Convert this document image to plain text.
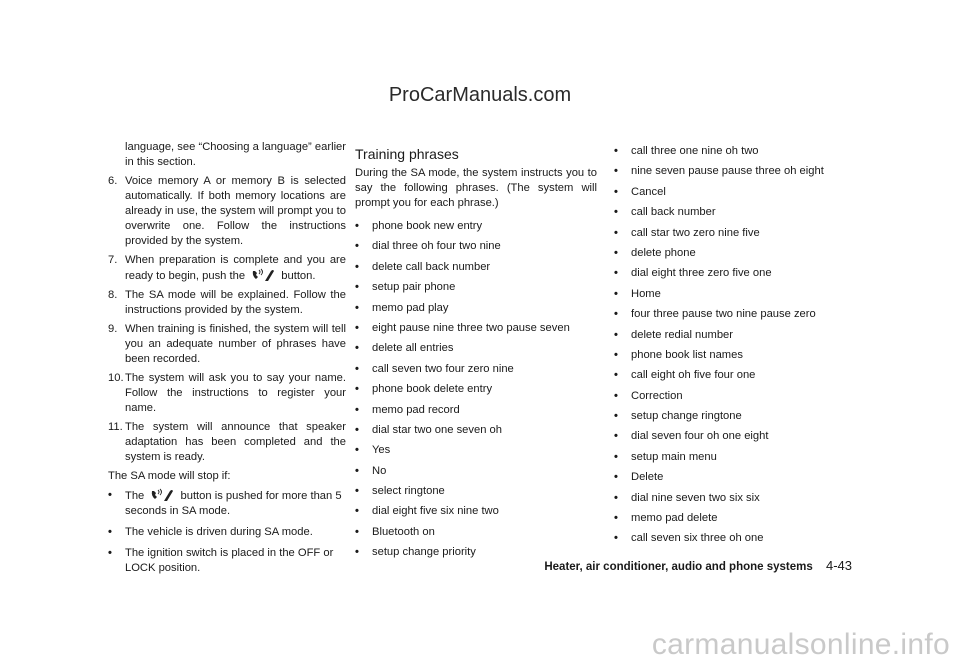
ProCarManuals.com

language, see “Choosing a language” earlier in this section.

6. Voice memory A or memory B is selected automatically. If both memory locations are already in use, the system will prompt you to overwrite one. Follow the instructions provided by the system.
7. When preparation is complete and you are ready to begin, push the	button.
8. The SA mode will be explained. Follow the instructions provided by the system.
9. When training is finished, the system will tell you an adequate number of phrases have been recorded.
10. The system will ask you to say your name. Follow the instructions to register your name.
11. The system will announce that speaker adaptation has been completed and the system is ready.

The SA mode will stop if:

•	The	button is pushed for more than 5 seconds in SA mode.
•	The vehicle is driven during SA mode.
•	The ignition switch is placed in the OFF or LOCK position.
Training phrases

During the SA mode, the system instructs you to say the following phrases. (The system will prompt you for each phrase.)

•	phone book new entry
•	dial three oh four two nine
•	delete call back number
•	setup pair phone
•	memo pad play
•	eight pause nine three two pause seven
•	delete all entries
•	call seven two four zero nine
•	phone book delete entry
•	memo pad record
•	dial star two one seven oh
•	Yes
•	No
•	select ringtone
•	dial eight five six nine two
•	Bluetooth on
•	setup change priority
•	call three one nine oh two
•	nine seven pause pause three oh eight
•	Cancel
•	call back number
•	call star two zero nine five
•	delete phone
•	dial eight three zero five one
•	Home
•	four three pause two nine pause zero
•	delete redial number
•	phone book list names
•	call eight oh five four one
•	Correction
•	setup change ringtone
•	dial seven four oh one eight
•	setup main menu
•	Delete
•	dial nine seven two six six
•	memo pad delete
•	call seven six three oh one
Heater, air conditioner, audio and phone systems 4-43
carmanualsonline.info
